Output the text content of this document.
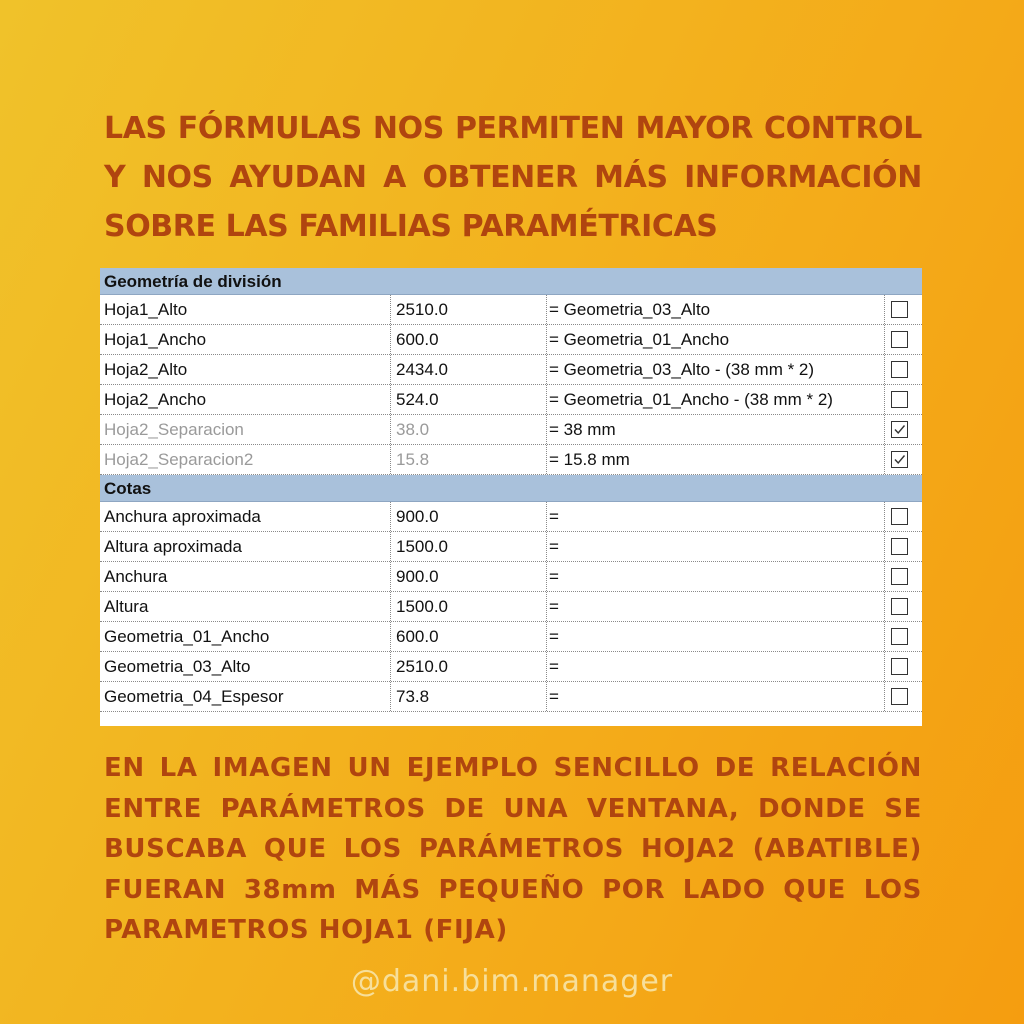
LAS FÓRMULAS NOS PERMITEN MAYOR CONTROL Y NOS AYUDAN A OBTENER MÁS INFORMACIÓN SOBRE LAS FAMILIAS PARAMÉTRICAS
Geometría de división
Hoja1_Alto	2510.0	= Geometria_03_Alto
Hoja1_Ancho	600.0	= Geometria_01_Ancho
Hoja2_Alto	2434.0	= Geometria_03_Alto - (38 mm * 2)
Hoja2_Ancho	524.0	= Geometria_01_Ancho - (38 mm * 2)
Hoja2_Separacion	38.0	= 38 mm
Hoja2_Separacion2	15.8	= 15.8 mm
Cotas
Anchura aproximada	900.0	=
Altura aproximada	1500.0	=
Anchura	900.0	=
Altura	1500.0	=
Geometria_01_Ancho	600.0	=
Geometria_03_Alto	2510.0	=
Geometria_04_Espesor	73.8	=

EN LA IMAGEN UN EJEMPLO SENCILLO DE RELACIÓN ENTRE PARÁMETROS DE UNA VENTANA, DONDE SE BUSCABA QUE LOS PARÁMETROS HOJA2 (ABATIBLE) FUERAN 38mm MÁS PEQUEÑO POR LADO QUE LOS PARAMETROS HOJA1 (FIJA)

@dani.bim.manager
